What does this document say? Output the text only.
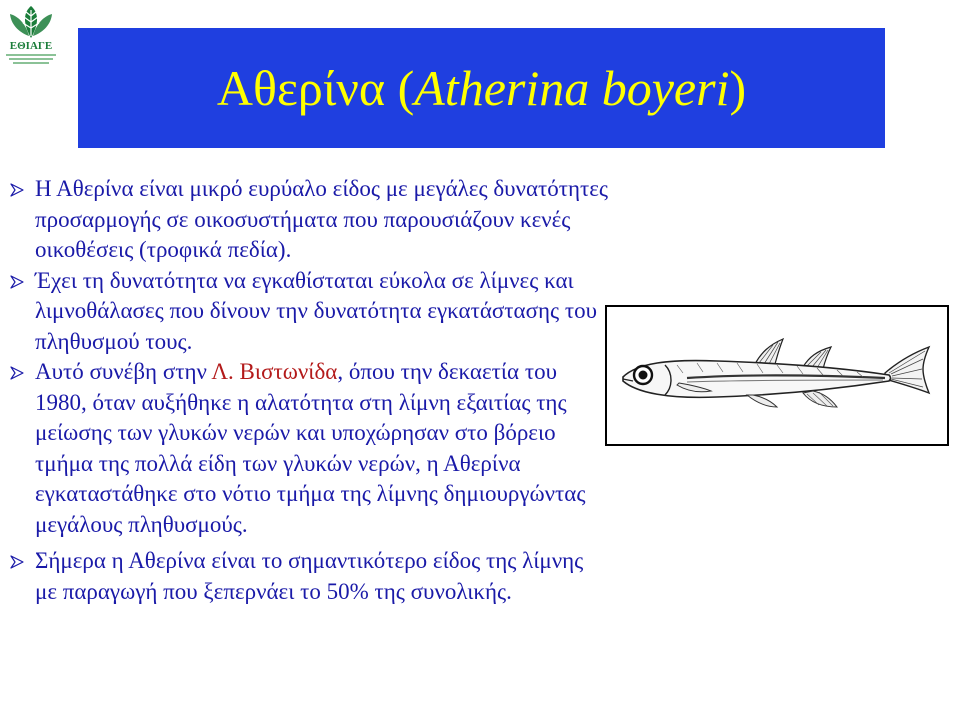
ΕΘΙΑΓΕ
Αθερίνα (Atherina boyeri)
Η Αθερίνα είναι μικρό ευρύαλο είδος με μεγάλες δυνατότητες προσαρμογής σε οικοσυστήματα που παρουσιάζουν κενές οικοθέσεις (τροφικά πεδία).
Έχει τη δυνατότητα να εγκαθίσταται εύκολα σε λίμνες και λιμνοθάλασες που δίνουν την δυνατότητα εγκατάστασης του πληθυσμού τους.
Αυτό συνέβη στην Λ. Βιστωνίδα, όπου την δεκαετία του 1980, όταν αυξήθηκε η αλατότητα στη λίμνη εξαιτίας της μείωσης των γλυκών νερών και υποχώρησαν στο βόρειο τμήμα της πολλά είδη των γλυκών νερών, η Αθερίνα εγκαταστάθηκε στο νότιο τμήμα της λίμνης δημιουργώντας μεγάλους πληθυσμούς.
Σήμερα η Αθερίνα είναι το σημαντικότερο είδος της λίμνης με παραγωγή που ξεπερνάει το 50% της συνολικής.
